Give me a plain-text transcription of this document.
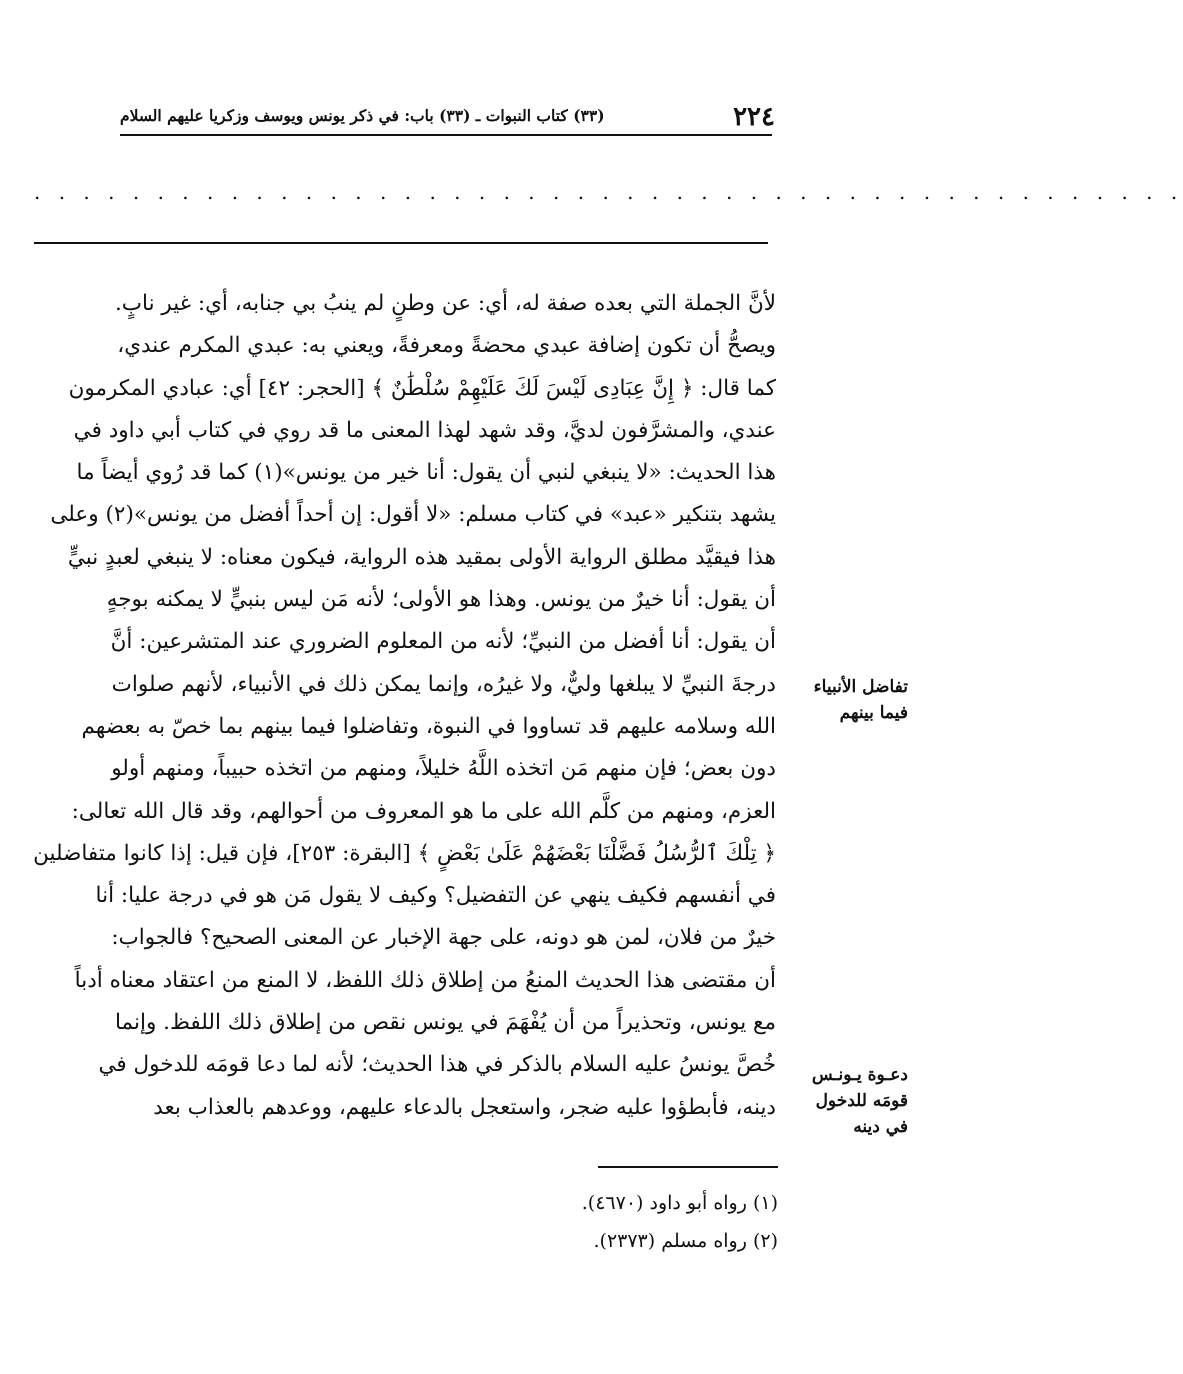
٢٢٤
(٣٣) كتاب النبوات ـ (٣٣) باب: في ذكر يونس ويوسف وزكريا عليهم السلام
. . . . . . . . . . . . . . . . . . . . . . . . . . . . . . . . . . . . . . . . . . . . . . .
لأنَّ الجملة التي بعده صفة له، أي: عن وطنٍ لم ينبُ بي جنابه، أي: غير نابٍ.
ويصحُّ أن تكون إضافة عبدي محضةً ومعرفةً، ويعني به: عبدي المكرم عندي،
كما قال: ﴿ إِنَّ عِبَادِى لَيْسَ لَكَ عَلَيْهِمْ سُلْطَٰنٌ ﴾ [الحجر: ٤٢] أي: عبادي المكرمون
عندي، والمشرَّفون لديَّ، وقد شهد لهذا المعنى ما قد روي في كتاب أبي داود في
هذا الحديث: «لا ينبغي لنبي أن يقول: أنا خير من يونس»(١) كما قد رُوي أيضاً ما
يشهد بتنكير «عبد» في كتاب مسلم: «لا أقول: إن أحداً أفضل من يونس»(٢) وعلى
هذا فيقيَّد مطلق الرواية الأولى بمقيد هذه الرواية، فيكون معناه: لا ينبغي لعبدٍ نبيٍّ
أن يقول: أنا خيرٌ من يونس. وهذا هو الأولى؛ لأنه مَن ليس بنبيٍّ لا يمكنه بوجهٍ
أن يقول: أنا أفضل من النبيِّ؛ لأنه من المعلوم الضروري عند المتشرعين: أنَّ
درجةَ النبيِّ لا يبلغها وليٌّ، ولا غيرُه، وإنما يمكن ذلك في الأنبياء، لأنهم صلوات
الله وسلامه عليهم قد تساووا في النبوة، وتفاضلوا فيما بينهم بما خصّ به بعضهم
دون بعض؛ فإن منهم مَن اتخذه اللَّهُ خليلاً، ومنهم من اتخذه حبيباً، ومنهم أولو
العزم، ومنهم من كلَّم الله على ما هو المعروف من أحوالهم، وقد قال الله تعالى:
﴿ تِلْكَ ٱلرُّسُلُ فَضَّلْنَا بَعْضَهُمْ عَلَىٰ بَعْضٍ ﴾ [البقرة: ٢٥٣]، فإن قيل: إذا كانوا متفاضلين
في أنفسهم فكيف ينهي عن التفضيل؟ وكيف لا يقول مَن هو في درجة عليا: أنا
خيرٌ من فلان، لمن هو دونه، على جهة الإخبار عن المعنى الصحيح؟ فالجواب:
أن مقتضى هذا الحديث المنعُ من إطلاق ذلك اللفظ، لا المنع من اعتقاد معناه أدباً
مع يونس، وتحذيراً من أن يُفْهَمَ في يونس نقص من إطلاق ذلك اللفظ. وإنما
خُصَّ يونسُ عليه السلام بالذكر في هذا الحديث؛ لأنه لما دعا قومَه للدخول في
دينه، فأبطؤوا عليه ضجر، واستعجل بالدعاء عليهم، ووعدهم بالعذاب بعد
تفاضل الأنبياء فيما بينهم
دعـوة يـونـس قومَه للدخول في دينه
(١) رواه أبو داود (٤٦٧٠).
(٢) رواه مسلم (٢٣٧٣).
